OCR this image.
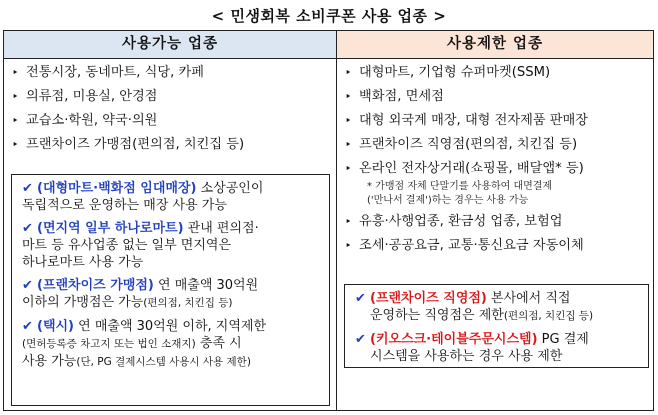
< 민생회복 소비쿠폰 사용 업종 >
사용가능 업종
‣ 전통시장, 동네마트, 식당, 카페
‣ 의류점, 미용실, 안경점
‣ 교습소·학원, 약국·의원
‣ 프랜차이즈 가맹점(편의점, 치킨집 등)
✔ (대형마트·백화점 임대매장) 소상공인이
독립적으로 운영하는 매장 사용 가능
✔ (면지역 일부 하나로마트) 관내 편의점·
마트 등 유사업종 없는 일부 면지역은
하나로마트 사용 가능
✔ (프랜차이즈 가맹점) 연 매출액 30억원
이하의 가맹점은 가능(편의점, 치킨집 등)
✔ (택시) 연 매출액 30억원 이하, 지역제한
(면허등록증 차고지 또는 법인 소재지) 충족 시
사용 가능(단, PG 결제시스템 사용시 사용 제한)
사용제한 업종
‣ 대형마트, 기업형 슈퍼마켓(SSM)
‣ 백화점, 면세점
‣ 대형 외국계 매장, 대형 전자제품 판매장
‣ 프랜차이즈 직영점(편의점, 치킨집 등)
‣ 온라인 전자상거래(쇼핑몰, 배달앱* 등)
* 가맹점 자체 단말기를 사용하여 대면결제
('만나서 결제')하는 경우는 사용 가능
‣ 유흥·사행업종, 환금성 업종, 보험업
‣ 조세·공공요금, 교통·통신요금 자동이체
✔ (프랜차이즈 직영점) 본사에서 직접
운영하는 직영점은 제한(편의점, 치킨집 등)
✔ (키오스크·테이블주문시스템) PG 결제
시스템을 사용하는 경우 사용 제한
